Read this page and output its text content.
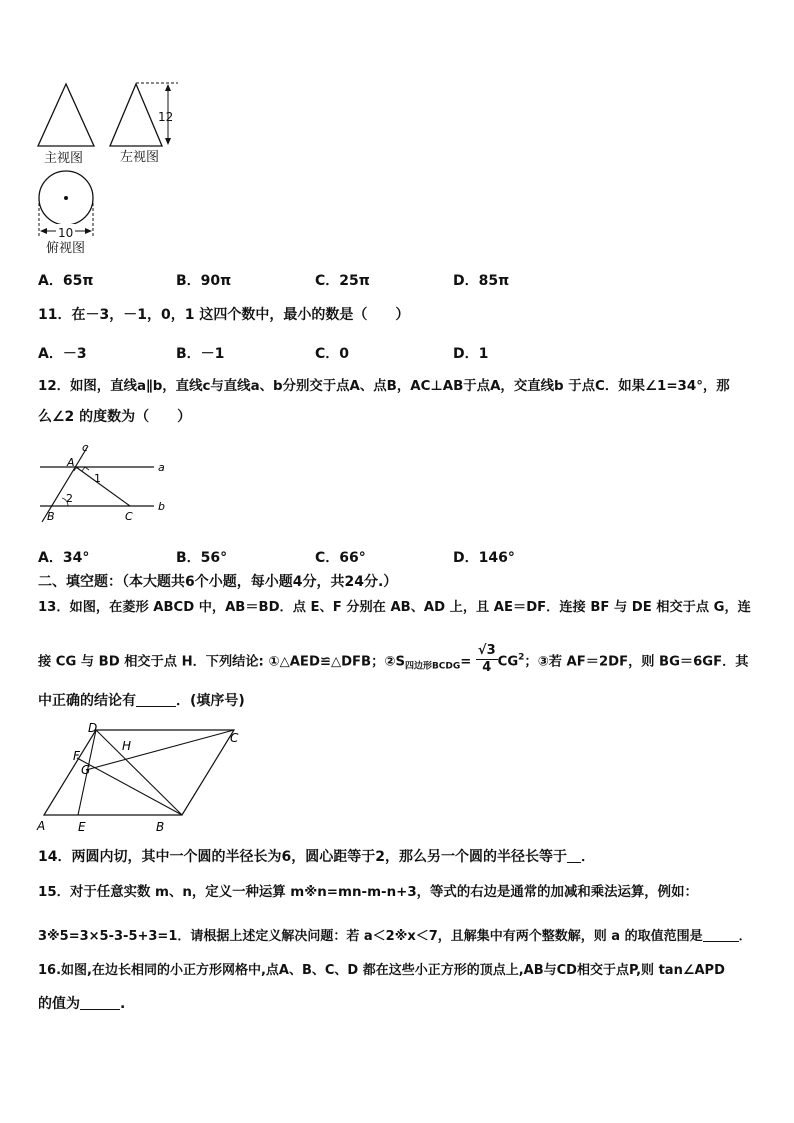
主视图	左视图
12
10
俯视图
A．65π	B．90π	C．25π	D．85π
11．在－3，－1，0，1 这四个数中，最小的数是（　　）
A．－3	B．－1	C．0	D．1
12．如图，直线a∥b，直线c与直线a、b分别交于点A、点B，AC⊥AB于点A，交直线b 于点C．如果∠1=34°，那
么∠2 的度数为（　　）
c
A
1
a
2
B	C
b
A．34°	B．56°	C．66°	D．146°
二、填空题：（本大题共6个小题，每小题4分，共24分.）
13．如图，在菱形 ABCD 中，AB＝BD．点 E、F 分别在 AB、AD 上，且 AE＝DF．连接 BF 与 DE 相交于点 G，连
接 CG 与 BD 相交于点 H．下列结论: ①△AED≌△DFB；$②S_{四边形BCDG}= \frac{√3}{4} CG^2$；③若 AF＝2DF，则 BG＝6GF．其
中正确的结论有	．(填序号)
D
H
C
F
G
A	E	B
14．两圆内切，其中一个圆的半径长为6，圆心距等于2，那么另一个圆的半径长等于 ．
15．对于任意实数 m、n，定义一种运算 m※n=mn-m-n+3，等式的右边是通常的加减和乘法运算，例如：
3※5=3×5-3-5+3=1．请根据上述定义解决问题：若 a＜2※x＜7，且解集中有两个整数解，则 a 的取值范围是	．
16.如图,在边长相同的小正方形网格中,点A、B、C、D 都在这些小正方形的顶点上,AB与CD相交于点P,则 tan∠APD
的值为	.
